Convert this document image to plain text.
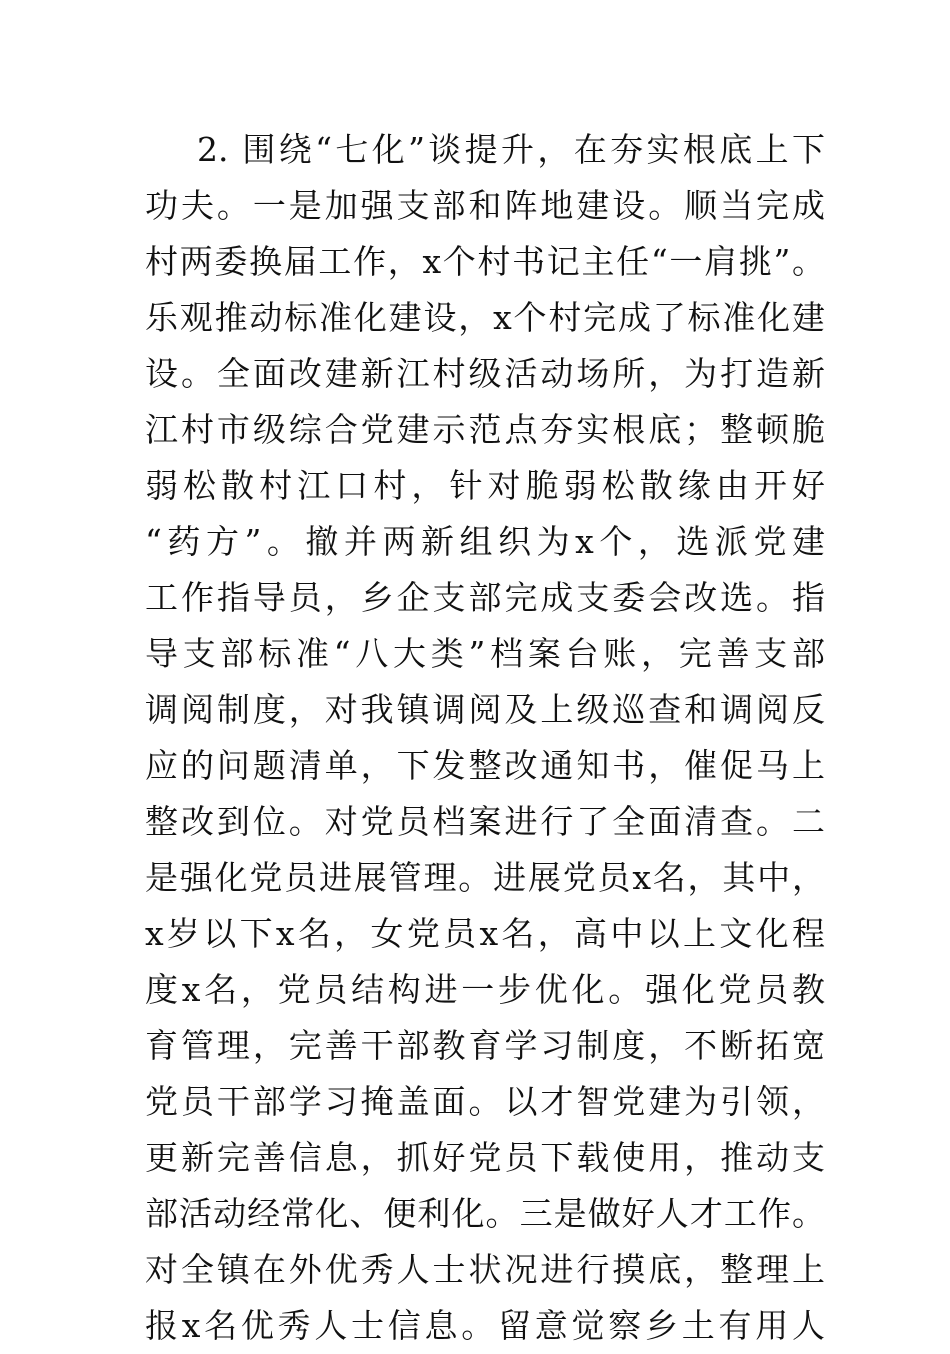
2. 围绕“七化”谈提升，在夯实根底上下
功夫。一是加强支部和阵地建设。顺当完成
村两委换届工作，x个村书记主任“一肩挑”。
乐观推动标准化建设，x个村完成了标准化建
设。全面改建新江村级活动场所，为打造新
江村市级综合党建示范点夯实根底；整顿脆
弱松散村江口村，针对脆弱松散缘由开好
“药方”。撤并两新组织为x个，选派党建
工作指导员，乡企支部完成支委会改选。指
导支部标准“八大类”档案台账，完善支部
调阅制度，对我镇调阅及上级巡查和调阅反
应的问题清单，下发整改通知书，催促马上
整改到位。对党员档案进行了全面清查。二
是强化党员进展管理。进展党员x名，其中，
x岁以下x名，女党员x名，高中以上文化程
度x名，党员结构进一步优化。强化党员教
育管理，完善干部教育学习制度，不断拓宽
党员干部学习掩盖面。以才智党建为引领，
更新完善信息，抓好党员下载使用，推动支
部活动经常化、便利化。三是做好人才工作。
对全镇在外优秀人士状况进行摸底，整理上
报x名优秀人士信息。留意觉察乡土有用人
